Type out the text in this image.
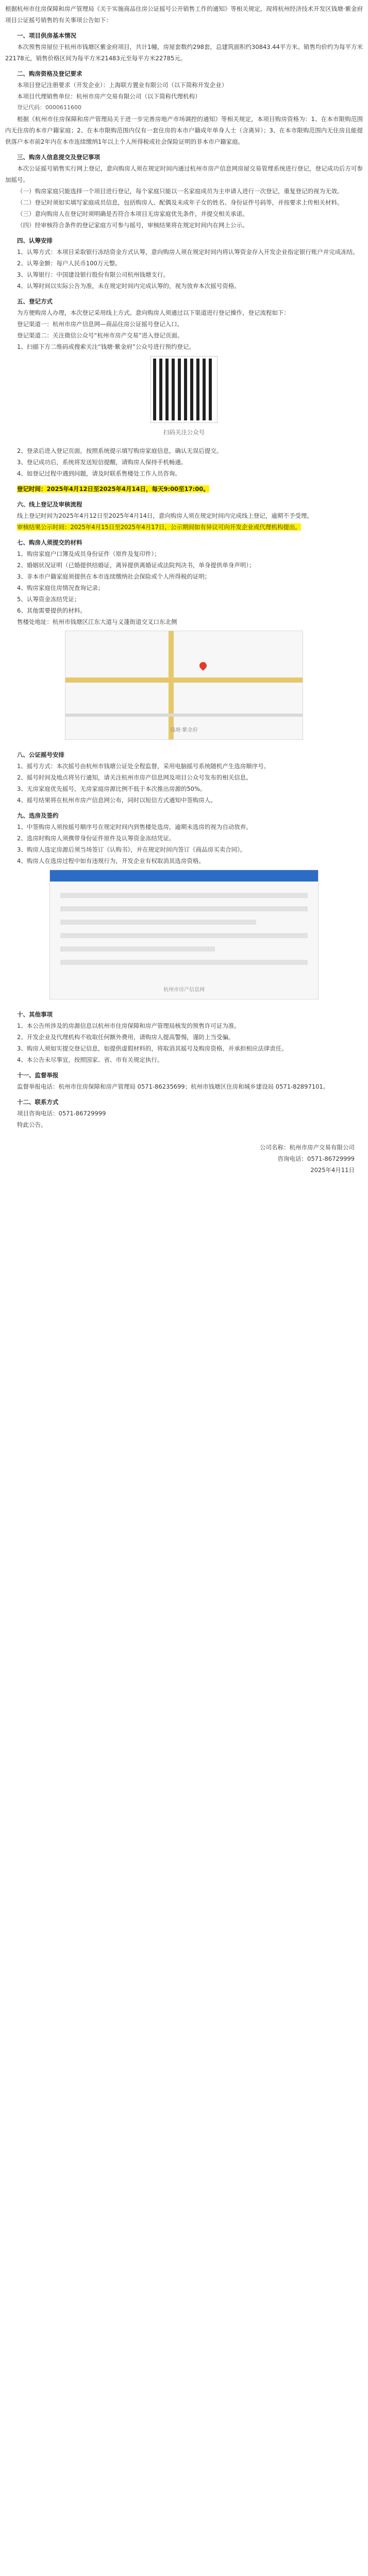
根据杭州市住房保障和房产管理局《关于实施商品住房公证摇号公开销售工作的通知》等相关规定，现将杭州经济技术开发区钱塘·紫金府项目公证摇号销售的有关事项公告如下：
一、项目供房基本情况
本次预售房屋位于杭州市钱塘区紫金府项目，共计1幢，房屋套数约298套，总建筑面积约30843.44平方米。销售均价约为每平方米22178元，销售价格区间为每平方米21483元至每平方米22785元。
二、购房资格及登记要求
本项目登记注册要求（开发企业）：上海联方置业有限公司（以下简称开发企业）
本项目代理销售单位：杭州市房产交易有限公司（以下简称代理机构）
登记代码：0000611600
根据《杭州市住房保障和房产管理局关于进一步完善房地产市场调控的通知》等相关规定，本项目购房资格为：1、在本市限购范围内无住房的本市户籍家庭；2、在本市限购范围内仅有一套住房的本市户籍成年单身人士（含离异）；3、在本市限购范围内无住房且能提供落户本市前2年内在本市连续缴纳1年以上个人所得税或社会保险证明的非本市户籍家庭。
三、购房人信息提交及登记事项
本次公证摇号销售实行网上登记，意向购房人须在规定时间内通过杭州市房产信息网房屋交易管理系统进行登记，登记成功后方可参加摇号。
（一）购房家庭只能选择一个项目进行登记，每个家庭只能以一名家庭成员为主申请人进行一次登记，重复登记的视为无效。
（二）登记时须如实填写家庭成员信息，包括购房人、配偶及未成年子女的姓名、身份证件号码等，并按要求上传相关材料。
（三）意向购房人在登记时须明确是否符合本项目无房家庭优先条件，并提交相关承诺。
（四）经审核符合条件的登记家庭方可参与摇号，审核结果将在规定时间内在网上公示。
四、认筹安排
1、认筹方式：本项目采取银行冻结资金方式认筹，意向购房人须在规定时间内将认筹资金存入开发企业指定银行账户并完成冻结。
2、认筹金额：每户人民币100万元整。
3、认筹银行：中国建设银行股份有限公司杭州钱塘支行。
4、认筹时间以实际公告为准，未在规定时间内完成认筹的，视为放弃本次摇号资格。
五、登记方式
为方便购房人办理，本次登记采用线上方式。意向购房人须通过以下渠道进行登记操作，登记流程如下：
登记渠道一：杭州市房产信息网—商品住房公证摇号登记入口。
登记渠道二：关注微信公众号“杭州市房产交易”进入登记页面。
1、扫描下方二维码或搜索关注“钱塘·紫金府”公众号进行预约登记。
扫码关注公众号
2、登录后进入登记页面，按照系统提示填写购房家庭信息，确认无误后提交。
3、登记成功后，系统将发送短信提醒，请购房人保持手机畅通。
4、如登记过程中遇到问题，请及时联系售楼处工作人员咨询。
登记时间：2025年4月12日至2025年4月14日，每天9:00至17:00。
六、线上登记及审核流程
线上登记时间为2025年4月12日至2025年4月14日，意向购房人须在规定时间内完成线上登记，逾期不予受理。
审核结果公示时间：2025年4月15日至2025年4月17日，公示期间如有异议可向开发企业或代理机构提出。
七、购房人须提交的材料
1、购房家庭户口簿及成员身份证件（原件及复印件）；
2、婚姻状况证明（已婚提供结婚证，离异提供离婚证或法院判决书，单身提供单身声明）；
3、非本市户籍家庭须提供在本市连续缴纳社会保险或个人所得税的证明；
4、购房家庭住房情况查询记录；
5、认筹资金冻结凭证；
6、其他需要提供的材料。
售楼处地址：杭州市钱塘区江东大道与义蓬街道交叉口东北侧
钱塘·紫金府
八、公证摇号安排
1、摇号方式：本次摇号由杭州市钱塘公证处全程监督，采用电脑摇号系统随机产生选房顺序号。
2、摇号时间及地点将另行通知，请关注杭州市房产信息网及项目公众号发布的相关信息。
3、无房家庭优先摇号，无房家庭房源比例不低于本次推出房源的50%。
4、摇号结果将在杭州市房产信息网公布，同时以短信方式通知中签购房人。
九、选房及签约
1、中签购房人须按摇号顺序号在规定时间内到售楼处选房，逾期未选房的视为自动放弃。
2、选房时购房人须携带身份证件原件及认筹资金冻结凭证。
3、购房人选定房源后须当场签订《认购书》，并在规定时间内签订《商品房买卖合同》。
4、购房人在选房过程中如有违规行为，开发企业有权取消其选房资格。
杭州市房产信息网
十、其他事项
1、本公告所涉及的房源信息以杭州市住房保障和房产管理局核发的预售许可证为准。
2、开发企业及代理机构不收取任何额外费用，请购房人提高警惕，谨防上当受骗。
3、购房人须如实提交登记信息，如提供虚假材料的，将取消其摇号及购房资格，并承担相应法律责任。
4、本公告未尽事宜，按照国家、省、市有关规定执行。
十一、监督举报
监督举报电话：杭州市住房保障和房产管理局 0571-86235699；杭州市钱塘区住房和城乡建设局 0571-82897101。
十二、联系方式
项目咨询电话：0571-86729999
特此公告。
公司名称：杭州市房产交易有限公司
咨询电话：0571-86729999
2025年4月11日
